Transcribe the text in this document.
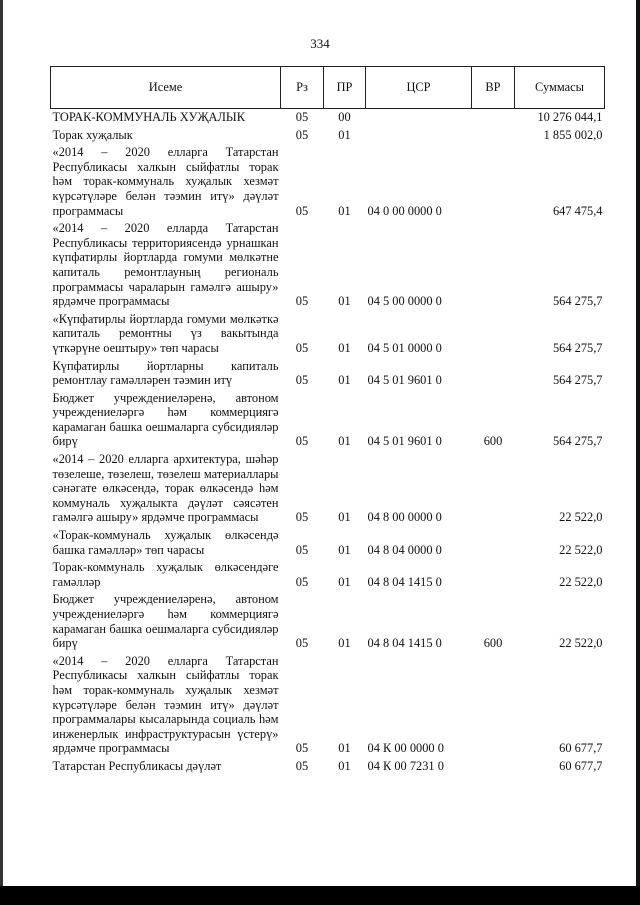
334
Исеме	Рз	ПР	ЦСР	ВР	Суммасы
ТОРАК-КОММУНАЛЬ ХУҖАЛЫК	05	00			10 276 044,1
Торак хуҗалык	05	01			1 855 002,0
«2014 – 2020 елларга Татарстан Республикасы халкын сыйфатлы торак һәм торак-коммуналь хуҗалык хезмәт күрсәтүләре белән тәэмин итү» дәүләт программасы	05	01	04 0 00 0000 0		647 475,4
«2014 – 2020 елларда Татарстан Республикасы территориясендә урнашкан күпфатирлы йортларда гомуми мөлкәтне капиталь ремонтлауның региональ программасы чараларын гамәлгә ашыру» ярдәмче программасы	05	01	04 5 00 0000 0		564 275,7
«Күпфатирлы йортларда гомуми мөлкәткә капиталь ремонтны үз вакытында үткәрүне оештыру» төп чарасы	05	01	04 5 01 0000 0		564 275,7
Күпфатирлы йортларны капиталь ремонтлау гамәлләрен тәэмин итү	05	01	04 5 01 9601 0		564 275,7
Бюджет учреждениеләренә, автоном учреждениеләргә һәм коммерциягә карамаган башка оешмаларга субсидияләр бирү	05	01	04 5 01 9601 0	600	564 275,7
«2014 – 2020 елларга архитектура, шәһәр төзелеше, төзелеш, төзелеш материаллары сәнәгате өлкәсендә, торак өлкәсендә һәм коммуналь хуҗалыкта дәүләт сәясәтен гамәлгә ашыру» ярдәмче программасы	05	01	04 8 00 0000 0		22 522,0
«Торак-коммуналь хуҗалык өлкәсендә башка гамәлләр» төп чарасы	05	01	04 8 04 0000 0		22 522,0
Торак-коммуналь хуҗалык өлкәсендәге гамәлләр	05	01	04 8 04 1415 0		22 522,0
Бюджет учреждениеләренә, автоном учреждениеләргә һәм коммерциягә карамаган башка оешмаларга субсидияләр бирү	05	01	04 8 04 1415 0	600	22 522,0
«2014 – 2020 елларга Татарстан Республикасы халкын сыйфатлы торак һәм торак-коммуналь хуҗалык хезмәт күрсәтүләре белән тәэмин итү» дәүләт программалары кысаларында социаль һәм инженерлык инфраструктурасын үстерү» ярдәмче программасы	05	01	04 К 00 0000 0		60 677,7
Татарстан Республикасы дәүләт	05	01	04 К 00 7231 0		60 677,7
